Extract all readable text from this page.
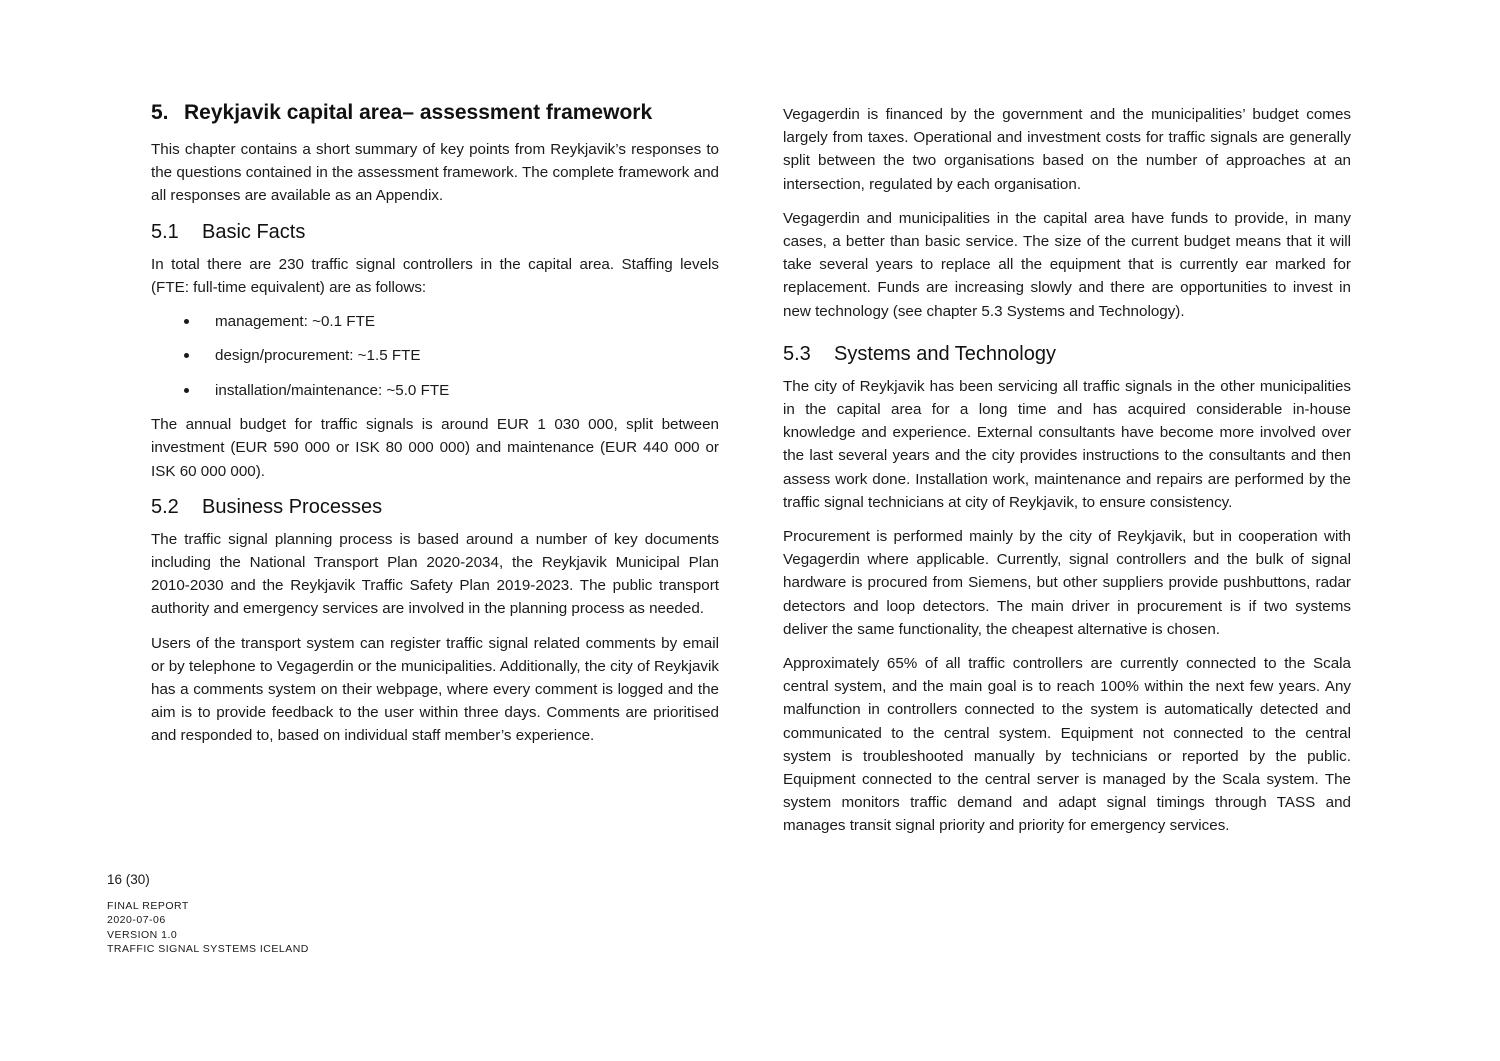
5. Reykjavik capital area– assessment framework

This chapter contains a short summary of key points from Reykjavik’s responses to the questions contained in the assessment framework. The complete framework and all responses are available as an Appendix.

5.1 Basic Facts

In total there are 230 traffic signal controllers in the capital area. Staffing levels (FTE: full-time equivalent) are as follows:

management: ~0.1 FTE
design/procurement: ~1.5 FTE
installation/maintenance: ~5.0 FTE

The annual budget for traffic signals is around EUR 1 030 000, split between investment (EUR 590 000 or ISK 80 000 000) and maintenance (EUR 440 000 or ISK 60 000 000).

5.2 Business Processes

The traffic signal planning process is based around a number of key documents including the National Transport Plan 2020-2034, the Reykjavik Municipal Plan 2010-2030 and the Reykjavik Traffic Safety Plan 2019-2023. The public transport authority and emergency services are involved in the planning process as needed.

Users of the transport system can register traffic signal related comments by email or by telephone to Vegagerdin or the municipalities. Additionally, the city of Reykjavik has a comments system on their webpage, where every comment is logged and the aim is to provide feedback to the user within three days. Comments are prioritised and responded to, based on individual staff member’s experience.

Vegagerdin is financed by the government and the municipalities’ budget comes largely from taxes. Operational and investment costs for traffic signals are generally split between the two organisations based on the number of approaches at an intersection, regulated by each organisation.

Vegagerdin and municipalities in the capital area have funds to provide, in many cases, a better than basic service. The size of the current budget means that it will take several years to replace all the equipment that is currently ear marked for replacement. Funds are increasing slowly and there are opportunities to invest in new technology (see chapter 5.3 Systems and Technology).

5.3 Systems and Technology

The city of Reykjavik has been servicing all traffic signals in the other municipalities in the capital area for a long time and has acquired considerable in-house knowledge and experience. External consultants have become more involved over the last several years and the city provides instructions to the consultants and then assess work done. Installation work, maintenance and repairs are performed by the traffic signal technicians at city of Reykjavik, to ensure consistency.

Procurement is performed mainly by the city of Reykjavik, but in cooperation with Vegagerdin where applicable. Currently, signal controllers and the bulk of signal hardware is procured from Siemens, but other suppliers provide pushbuttons, radar detectors and loop detectors. The main driver in procurement is if two systems deliver the same functionality, the cheapest alternative is chosen.

Approximately 65% of all traffic controllers are currently connected to the Scala central system, and the main goal is to reach 100% within the next few years. Any malfunction in controllers connected to the system is automatically detected and communicated to the central system. Equipment not connected to the central system is troubleshooted manually by technicians or reported by the public. Equipment connected to the central server is managed by the Scala system. The system monitors traffic demand and adapt signal timings through TASS and manages transit signal priority and priority for emergency services.

16 (30)
FINAL REPORT
2020-07-06
VERSION 1.0
TRAFFIC SIGNAL SYSTEMS ICELAND
